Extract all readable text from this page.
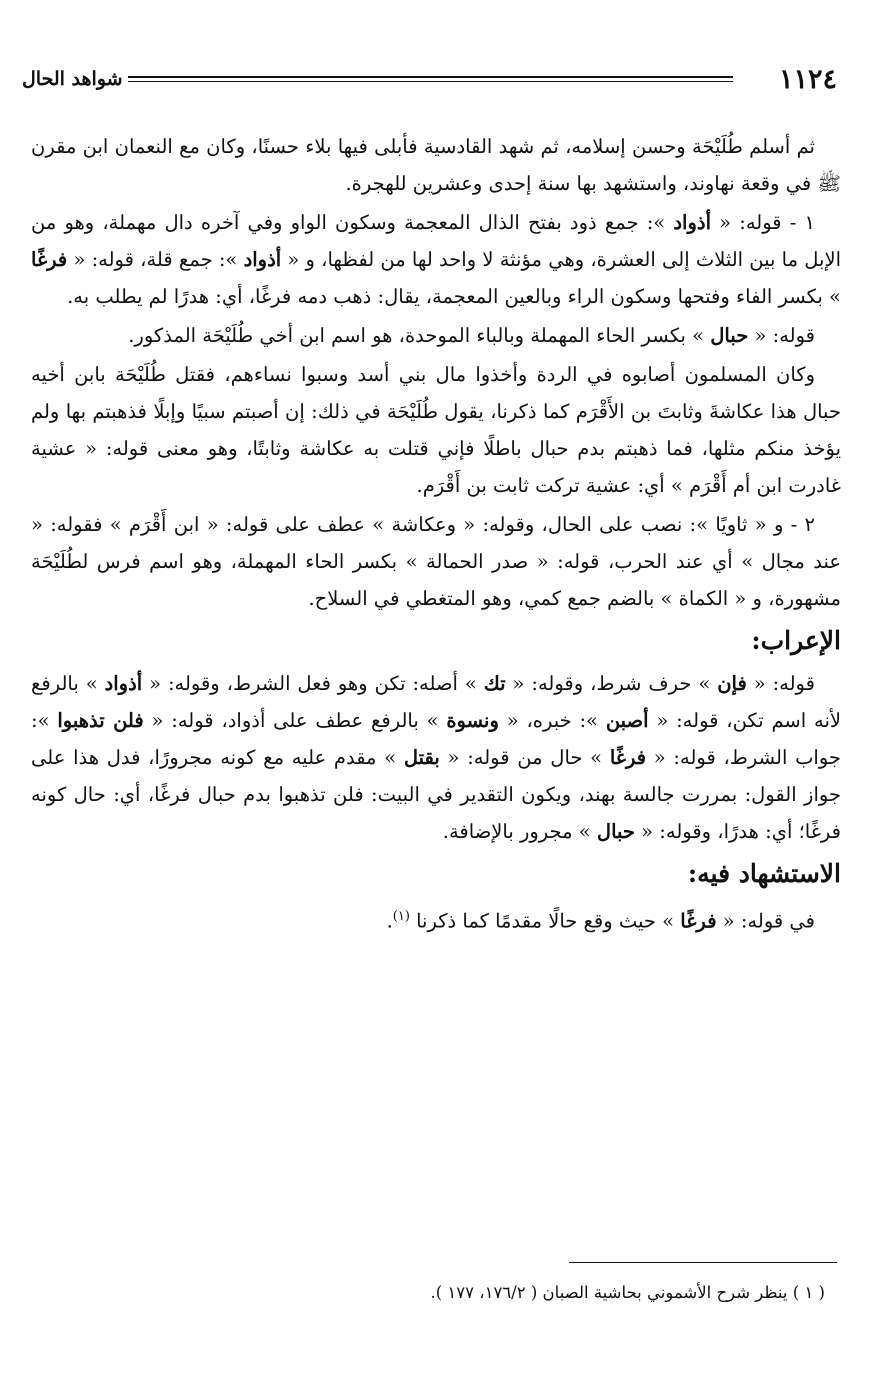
١١٢٤
شواهد الحال

ثم أسلم طُلَيْحَة وحسن إسلامه، ثم شهد القادسية فأبلى فيها بلاء حسنًا، وكان مع النعمان ابن مقرن ﷺ في وقعة نهاوند، واستشهد بها سنة إحدى وعشرين للهجرة.

١ - قوله: « أذواد »: جمع ذود بفتح الذال المعجمة وسكون الواو وفي آخره دال مهملة، وهو من الإبل ما بين الثلاث إلى العشرة، وهي مؤنثة لا واحد لها من لفظها، و « أذواد »: جمع قلة، قوله: « فرغًا » بكسر الفاء وفتحها وسكون الراء وبالعين المعجمة، يقال: ذهب دمه فرغًا، أي: هدرًا لم يطلب به.

قوله: « حبال » بكسر الحاء المهملة وبالباء الموحدة، هو اسم ابن أخي طُلَيْحَة المذكور.

وكان المسلمون أصابوه في الردة وأخذوا مال بني أسد وسبوا نساءهم، فقتل طُلَيْحَة بابن أخيه حبال هذا عكاشةَ وثابتَ بن الأَقْرَم كما ذكرنا، يقول طُلَيْحَة في ذلك: إن أصبتم سبيًا وإبلًا فذهبتم بها ولم يؤخذ منكم مثلها، فما ذهبتم بدم حبال باطلًا فإني قتلت به عكاشة وثابتًا، وهو معنى قوله: « عشية غادرت ابن أم أَقْرَم » أي: عشية تركت ثابت بن أَقْرَم.

٢ - و « ثاويًا »: نصب على الحال، وقوله: « وعكاشة » عطف على قوله: « ابن أَقْرَم » فقوله: « عند مجال » أي عند الحرب، قوله: « صدر الحمالة » بكسر الحاء المهملة، وهو اسم فرس لطُلَيْحَة مشهورة، و « الكماة » بالضم جمع كمي، وهو المتغطي في السلاح.

الإعراب:

قوله: « فإن » حرف شرط، وقوله: « تك » أصله: تكن وهو فعل الشرط، وقوله: « أذواد » بالرفع لأنه اسم تكن، قوله: « أصبن »: خبره، « ونسوة » بالرفع عطف على أذواد، قوله: « فلن تذهبوا »: جواب الشرط، قوله: « فرغًا » حال من قوله: « بقتل » مقدم عليه مع كونه مجرورًا، فدل هذا على جواز القول: بمررت جالسة بهند، ويكون التقدير في البيت: فلن تذهبوا بدم حبال فرغًا، أي: حال كونه فرغًا؛ أي: هدرًا، وقوله: « حبال » مجرور بالإضافة.

الاستشهاد فيه:

في قوله: « فرغًا » حيث وقع حالًا مقدمًا كما ذكرنا $^{(١)}$.

( ١ ) ينظر شرح الأشموني بحاشية الصبان ( ١٧٦/٢، ١٧٧ ).
